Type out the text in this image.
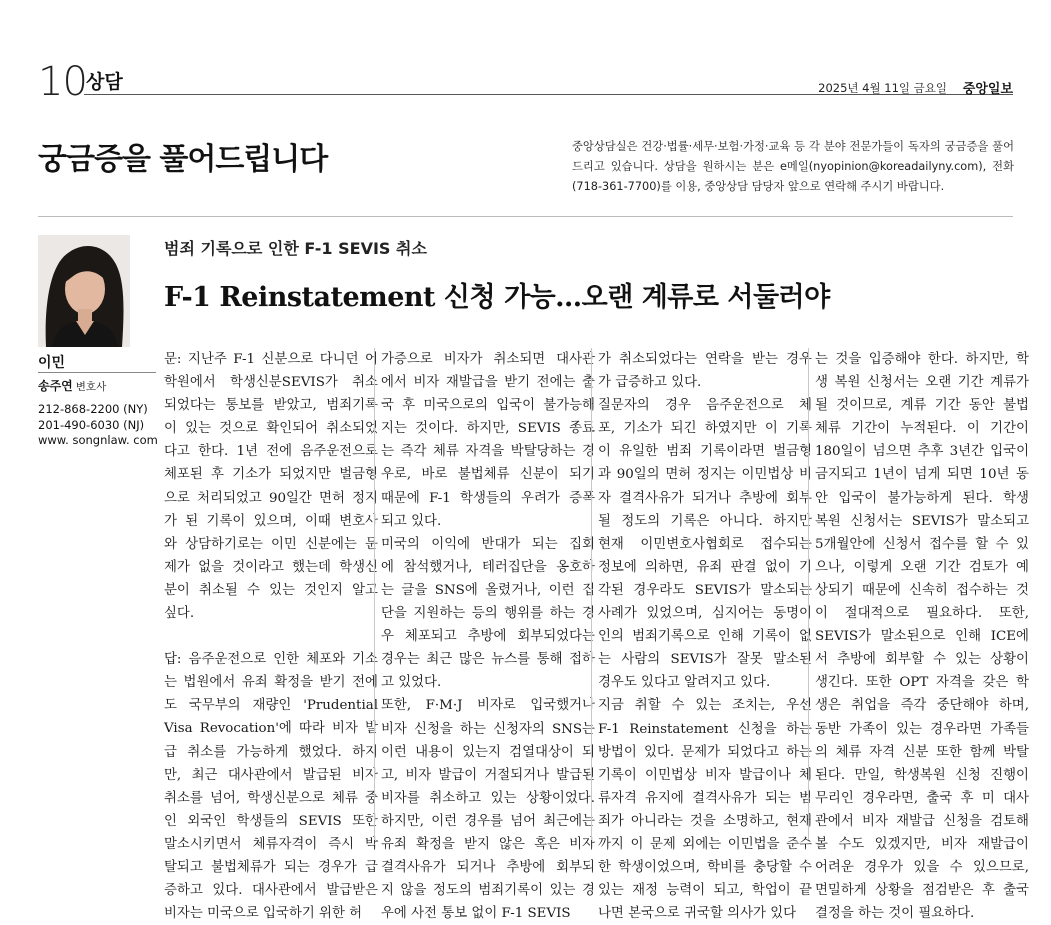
10 상담	2025년 4월 11일 금요일 중앙일보
궁금증을 풀어드립니다	중앙상담실은 건강·법률·세무·보험·가정·교육 등 각 분야 전문가들이 독자의 궁금증을 풀어드리고 있습니다. 상담을 원하시는 분은 e메일(nyopinion@koreadailyny.com), 전화(718-361-7700)를 이용, 중앙상담 담당자 앞으로 연락해 주시기 바랍니다.
이민
송주연 변호사
212-868-2200 (NY)
201-490-6030 (NJ)
www. songnlaw. com
범죄 기록으로 인한 F-1 SEVIS 취소
F-1 Reinstatement 신청 가능…오랜 계류로 서둘러야
문: 지난주 F-1 신분으로 다니던 어
학원에서 학생신분SEVIS가 취소
되었다는 통보를 받았고, 범죄기록
이 있는 것으로 확인되어 취소되었
다고 한다. 1년 전에 음주운전으로
체포된 후 기소가 되었지만 벌금형
으로 처리되었고 90일간 면허 정지
가 된 기록이 있으며, 이때 변호사
와 상담하기로는 이민 신분에는 문
제가 없을 것이라고 했는데 학생신
분이 취소될 수 있는 것인지 알고
싶다.
답: 음주운전으로 인한 체포와 기소
는 법원에서 유죄 확정을 받기 전에
도 국무부의 재량인 'Prudential
Visa Revocation'에 따라 비자 발
급 취소를 가능하게 했었다. 하지
만, 최근 대사관에서 발급된 비자
취소를 넘어, 학생신분으로 체류 중
인 외국인 학생들의 SEVIS 또한
말소시키면서 체류자격이 즉시 박
탈되고 불법체류가 되는 경우가 급
증하고 있다. 대사관에서 발급받은
비자는 미국으로 입국하기 위한 허
가증으로 비자가 취소되면 대사관
에서 비자 재발급을 받기 전에는 출
국 후 미국으로의 입국이 불가능해
지는 것이다. 하지만, SEVIS 종료
는 즉각 체류 자격을 박탈당하는 경
우로, 바로 불법체류 신분이 되기
때문에 F-1 학생들의 우려가 증폭
되고 있다.
미국의 이익에 반대가 되는 집회
에 참석했거나, 테러집단을 옹호하
는 글을 SNS에 올렸거나, 이런 집
단을 지원하는 등의 행위를 하는 경
우 체포되고 추방에 회부되었다는
경우는 최근 많은 뉴스를 통해 접하
고 있었다.
또한, F·M·J 비자로 입국했거나
비자 신청을 하는 신청자의 SNS는
이런 내용이 있는지 검열대상이 되
고, 비자 발급이 거절되거나 발급된
비자를 취소하고 있는 상황이었다.
하지만, 이런 경우를 넘어 최근에는
유죄 확정을 받지 않은 혹은 비자
결격사유가 되거나 추방에 회부되
지 않을 정도의 범죄기록이 있는 경
우에 사전 통보 없이 F-1 SEVIS
가 취소되었다는 연락을 받는 경우
가 급증하고 있다.
질문자의 경우 음주운전으로 체
포, 기소가 되긴 하였지만 이 기록
이 유일한 범죄 기록이라면 벌금형
과 90일의 면허 정지는 이민법상 비
자 결격사유가 되거나 추방에 회부
될 정도의 기록은 아니다. 하지만
현재 이민변호사협회로 접수되는
정보에 의하면, 유죄 판결 없이 기
각된 경우라도 SEVIS가 말소되는
사례가 있었으며, 심지어는 동명이
인의 범죄기록으로 인해 기록이 없
는 사람의 SEVIS가 잘못 말소된
경우도 있다고 알려지고 있다.
지금 취할 수 있는 조치는, 우선
F-1 Reinstatement 신청을 하는
방법이 있다. 문제가 되었다고 하는
기록이 이민법상 비자 발급이나 체
류자격 유지에 결격사유가 되는 범
죄가 아니라는 것을 소명하고, 현재
까지 이 문제 외에는 이민법을 준수
한 학생이었으며, 학비를 충당할 수
있는 재정 능력이 되고, 학업이 끝
나면 본국으로 귀국할 의사가 있다
는 것을 입증해야 한다. 하지만, 학
생 복원 신청서는 오랜 기간 계류가
될 것이므로, 계류 기간 동안 불법
체류 기간이 누적된다. 이 기간이
180일이 넘으면 추후 3년간 입국이
금지되고 1년이 넘게 되면 10년 동
안 입국이 불가능하게 된다. 학생
복원 신청서는 SEVIS가 말소되고
5개월안에 신청서 접수를 할 수 있
으나, 이렇게 오랜 기간 검토가 예
상되기 때문에 신속히 접수하는 것
이 절대적으로 필요하다. 또한,
SEVIS가 말소된으로 인해 ICE에
서 추방에 회부할 수 있는 상황이
생긴다. 또한 OPT 자격을 갖은 학
생은 취업을 즉각 중단해야 하며,
동반 가족이 있는 경우라면 가족들
의 체류 자격 신분 또한 함께 박탈
된다. 만일, 학생복원 신청 진행이
무리인 경우라면, 출국 후 미 대사
관에서 비자 재발급 신청을 검토해
볼 수도 있겠지만, 비자 재발급이
어려운 경우가 있을 수 있으므로,
면밀하게 상황을 점검받은 후 출국
결정을 하는 것이 필요하다.
